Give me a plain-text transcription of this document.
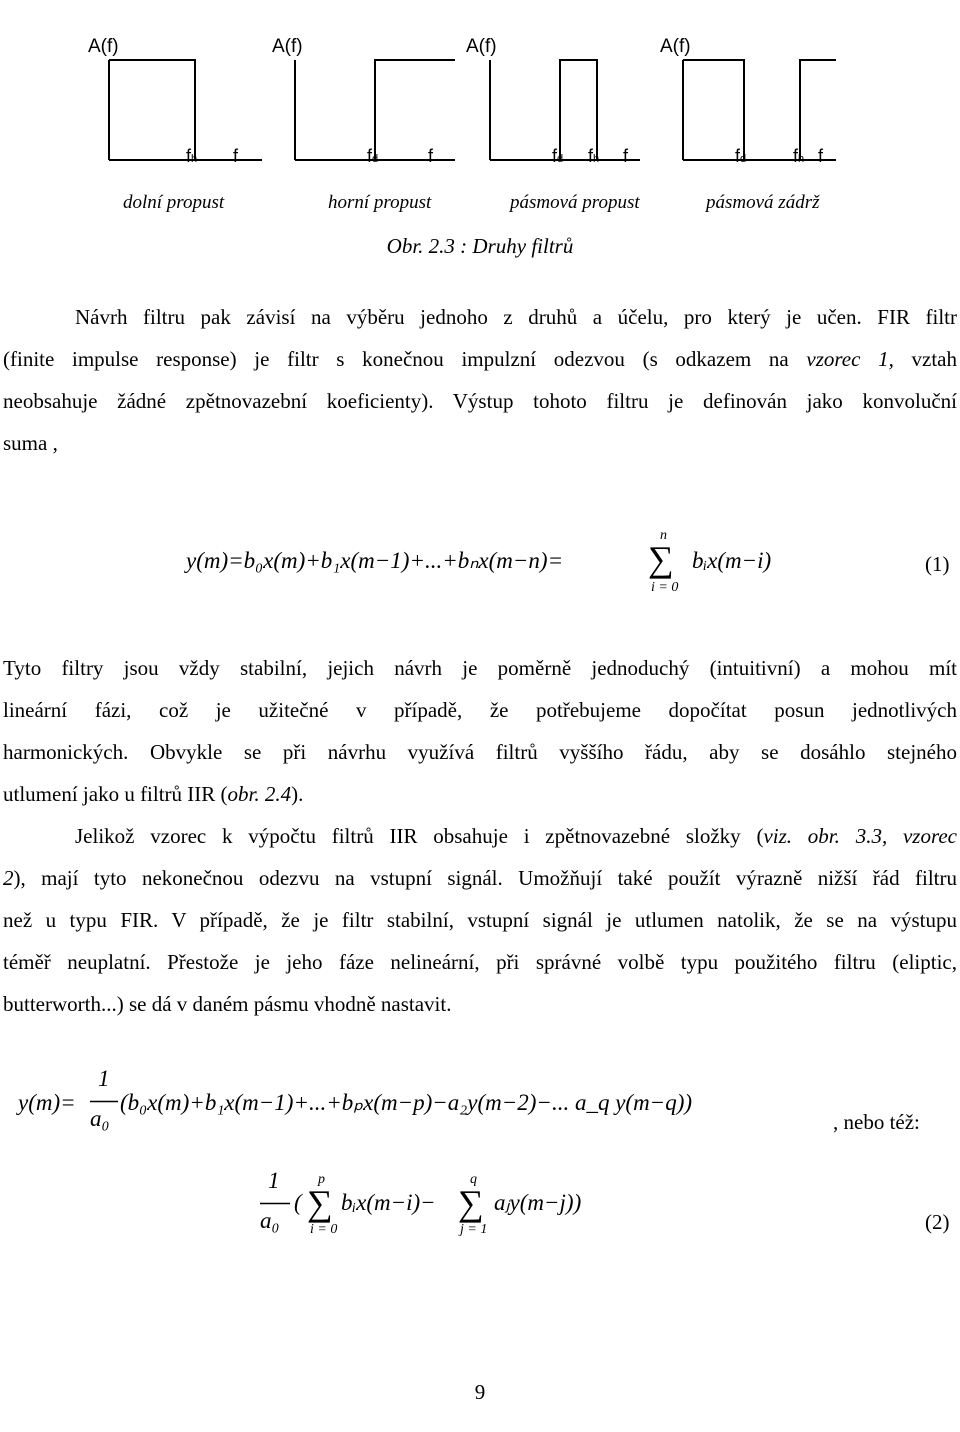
A(f)	A(f)	A(f)	A(f)
fh f	fd	f	fd fh f	fd	fh f
dolní propust	horní propust	pásmová propust	pásmová zádrž
Obr. 2.3 : Druhy filtrů
Návrh filtru pak závisí na výběru jednoho z druhů a účelu, pro který je učen. FIR filtr
(finite impulse response) je filtr s konečnou impulzní odezvou (s odkazem na vzorec 1, vztah
neobsahuje žádné zpětnovazební koeficienty). Výstup tohoto filtru je definován jako konvoluční
suma ,
y(m)=b₀x(m)+b₁x(m−1)+...+bₙx(m−n)=
n
∑
i = 0
bᵢx(m−i)	(1)
Tyto filtry jsou vždy stabilní, jejich návrh je poměrně jednoduchý (intuitivní) a mohou mít
lineární fázi, což je užitečné v případě, že potřebujeme dopočítat posun jednotlivých
harmonických. Obvykle se při návrhu využívá filtrů vyššího řádu, aby se dosáhlo stejného
utlumení jako u filtrů IIR (obr. 2.4).
Jelikož vzorec k výpočtu filtrů IIR obsahuje i zpětnovazebné složky (viz. obr. 3.3, vzorec
2), mají tyto nekonečnou odezvu na vstupní signál. Umožňují také použít výrazně nižší řád filtru
než u typu FIR. V případě, že je filtr stabilní, vstupní signál je utlumen natolik, že se na výstupu
téměř neuplatní. Přestože je jeho fáze nelineární, při správné volbě typu použitého filtru (eliptic,
butterworth...) se dá v daném pásmu vhodně nastavit.
y(m)=
1
a₀
(b₀x(m)+b₁x(m−1)+...+bₚx(m−p)−a₂y(m−2)−... a_q y(m−q))
, nebo též:
1
a₀
(
p
∑
i = 0
bᵢx(m−i)−
q
∑
j = 1
aⱼy(m−j))
(2)
9
